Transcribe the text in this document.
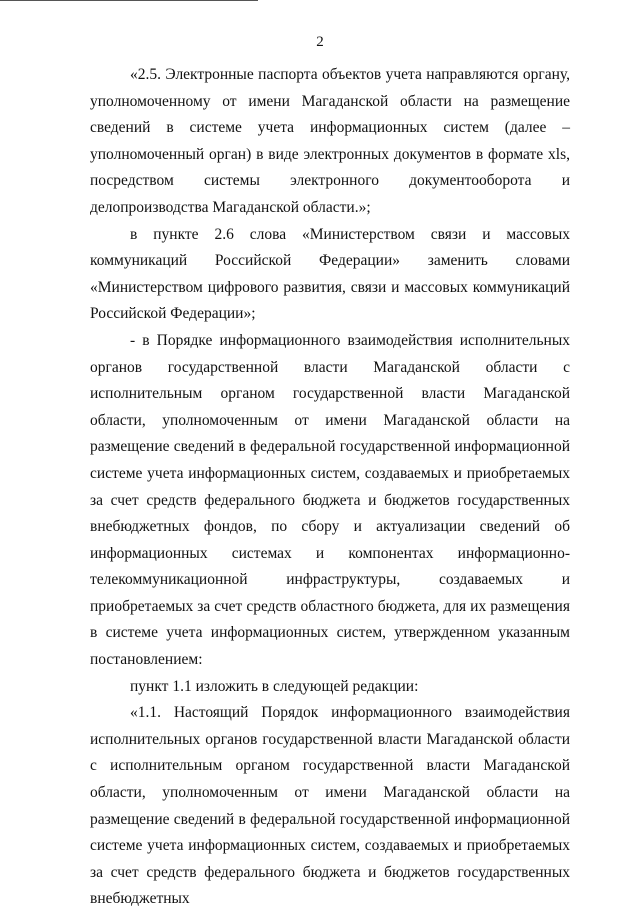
2

«2.5. Электронные паспорта объектов учета направляются органу, уполномоченному от имени Магаданской области на размещение сведений в системе учета информационных систем (далее – уполномоченный орган) в виде электронных документов в формате xls, посредством системы электронного документооборота и делопроизводства Магаданской области.»;

в пункте 2.6 слова «Министерством связи и массовых коммуникаций Российской Федерации» заменить словами «Министерством цифрового развития, связи и массовых коммуникаций Российской Федерации»;

- в Порядке информационного взаимодействия исполнительных органов государственной власти Магаданской области с исполнительным органом государственной власти Магаданской области, уполномоченным от имени Магаданской области на размещение сведений в федеральной государственной информационной системе учета информационных систем, создаваемых и приобретаемых за счет средств федерального бюджета и бюджетов государственных внебюджетных фондов, по сбору и актуализации сведений об информационных системах и компонентах информационно-телекоммуникационной инфраструктуры, создаваемых и приобретаемых за счет средств областного бюджета, для их размещения в системе учета информационных систем, утвержденном указанным постановлением:

пункт 1.1 изложить в следующей редакции:

«1.1. Настоящий Порядок информационного взаимодействия исполнительных органов государственной власти Магаданской области с исполнительным органом государственной власти Магаданской области, уполномоченным от имени Магаданской области на размещение сведений в федеральной государственной информационной системе учета информационных систем, создаваемых и приобретаемых за счет средств федерального бюджета и бюджетов государственных внебюджетных
